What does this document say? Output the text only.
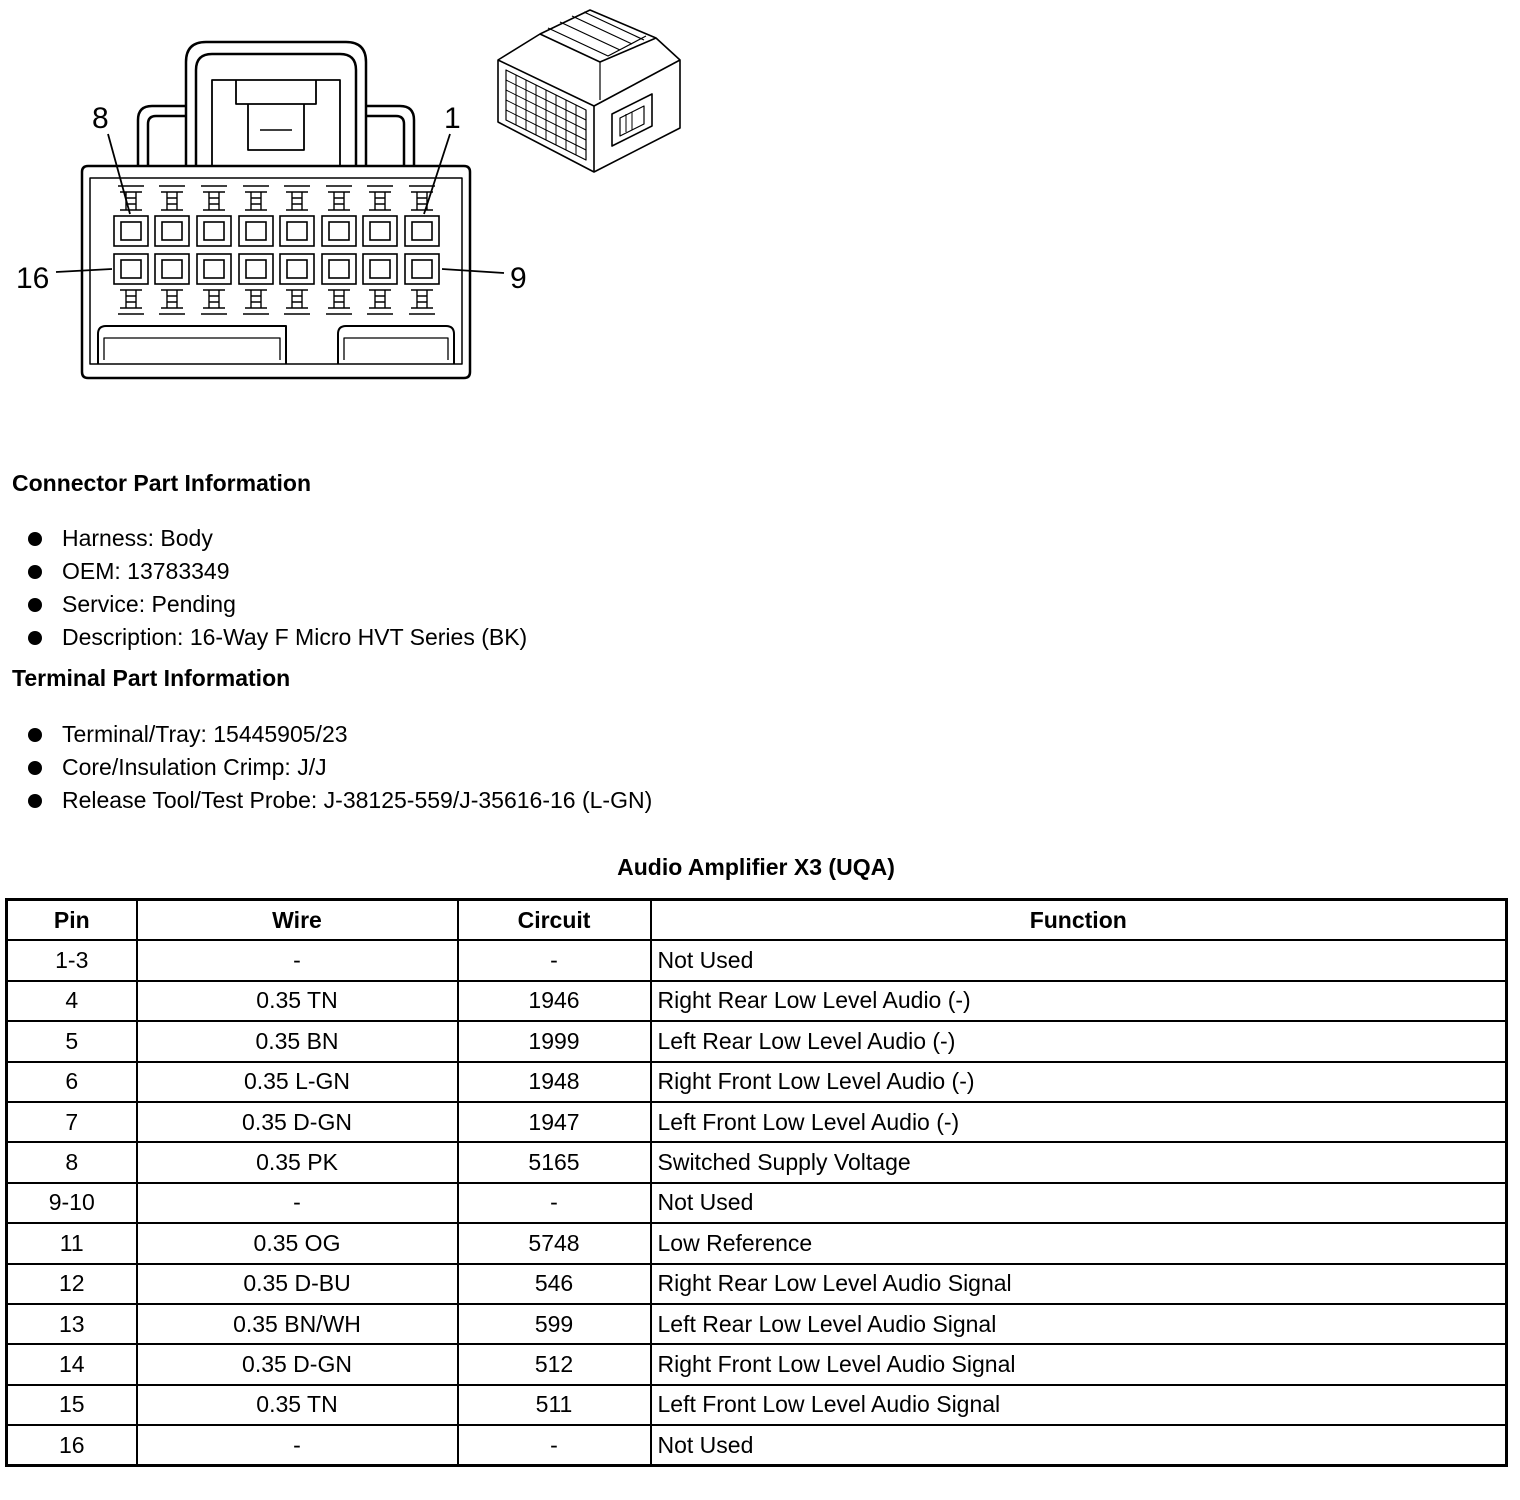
8	1
16	9
Connector Part Information
Harness: Body
OEM: 13783349
Service: Pending
Description: 16-Way F Micro HVT Series (BK)
Terminal Part Information
Terminal/Tray: 15445905/23
Core/Insulation Crimp: J/J
Release Tool/Test Probe: J-38125-559/J-35616-16 (L-GN)
Audio Amplifier X3 (UQA)
Pin	Wire	Circuit	Function
1-3	-	-	Not Used
4	0.35 TN	1946	Right Rear Low Level Audio (-)
5	0.35 BN	1999	Left Rear Low Level Audio (-)
6	0.35 L-GN	1948	Right Front Low Level Audio (-)
7	0.35 D-GN	1947	Left Front Low Level Audio (-)
8	0.35 PK	5165	Switched Supply Voltage
9-10	-	-	Not Used
11	0.35 OG	5748	Low Reference
12	0.35 D-BU	546	Right Rear Low Level Audio Signal
13	0.35 BN/WH	599	Left Rear Low Level Audio Signal
14	0.35 D-GN	512	Right Front Low Level Audio Signal
15	0.35 TN	511	Left Front Low Level Audio Signal
16	-	-	Not Used
